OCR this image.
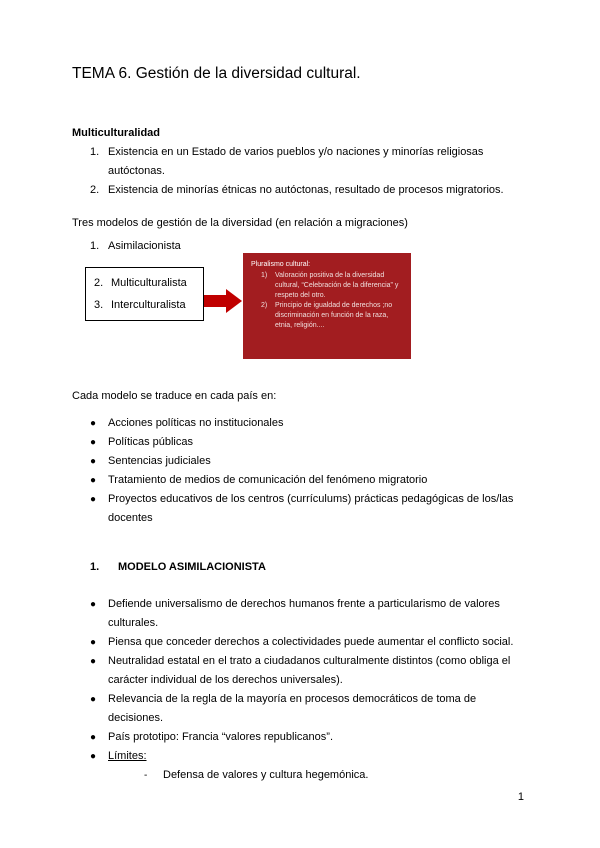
TEMA 6. Gestión de la diversidad cultural.

Multiculturalidad

1. Existencia en un Estado de varios pueblos y/o naciones y minorías religiosas autóctonas.
2. Existencia de minorías étnicas no autóctonas, resultado de procesos migratorios.

Tres modelos de gestión de la diversidad (en relación a migraciones)

1. Asimilacionista
2. Multiculturalista
3. Interculturalista
Pluralismo cultural:
1)	Valoración positiva de la diversidad cultural, “Celebración de la diferencia” y respeto del otro.
2)	Principio de igualdad de derechos ;no discriminación en función de la raza, etnia, religión....

Cada modelo se traduce en cada país en:

●	Acciones políticas no institucionales
●	Políticas públicas
●	Sentencias judiciales
●	Tratamiento de medios de comunicación del fenómeno migratorio
●	Proyectos educativos de los centros (currículums) prácticas pedagógicas de los/las docentes
1.	MODELO ASIMILACIONISTA
●	Defiende universalismo de derechos humanos frente a particularismo de valores culturales.
●	Piensa que conceder derechos a colectividades puede aumentar el conflicto social.
●	Neutralidad estatal en el trato a ciudadanos culturalmente distintos (como obliga el carácter individual de los derechos universales).
●	Relevancia de la regla de la mayoría en procesos democráticos de toma de decisiones.
●	País prototipo: Francia “valores republicanos”.
●	Límites:
-	Defensa de valores y cultura hegemónica.
1
